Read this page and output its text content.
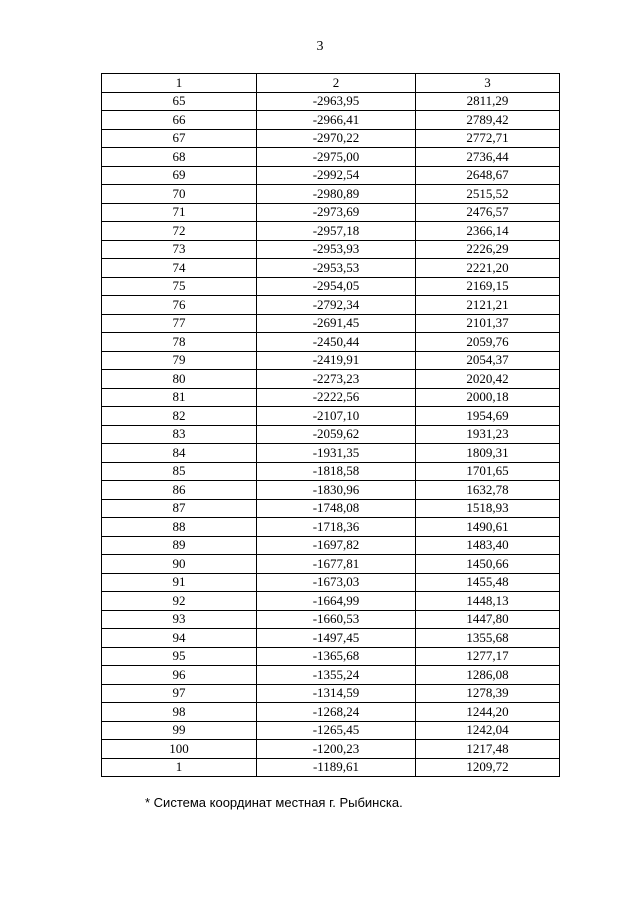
3
1	2	3
65	-2963,95	2811,29
66	-2966,41	2789,42
67	-2970,22	2772,71
68	-2975,00	2736,44
69	-2992,54	2648,67
70	-2980,89	2515,52
71	-2973,69	2476,57
72	-2957,18	2366,14
73	-2953,93	2226,29
74	-2953,53	2221,20
75	-2954,05	2169,15
76	-2792,34	2121,21
77	-2691,45	2101,37
78	-2450,44	2059,76
79	-2419,91	2054,37
80	-2273,23	2020,42
81	-2222,56	2000,18
82	-2107,10	1954,69
83	-2059,62	1931,23
84	-1931,35	1809,31
85	-1818,58	1701,65
86	-1830,96	1632,78
87	-1748,08	1518,93
88	-1718,36	1490,61
89	-1697,82	1483,40
90	-1677,81	1450,66
91	-1673,03	1455,48
92	-1664,99	1448,13
93	-1660,53	1447,80
94	-1497,45	1355,68
95	-1365,68	1277,17
96	-1355,24	1286,08
97	-1314,59	1278,39
98	-1268,24	1244,20
99	-1265,45	1242,04
100	-1200,23	1217,48
1	-1189,61	1209,72
* Система координат местная г. Рыбинска.
